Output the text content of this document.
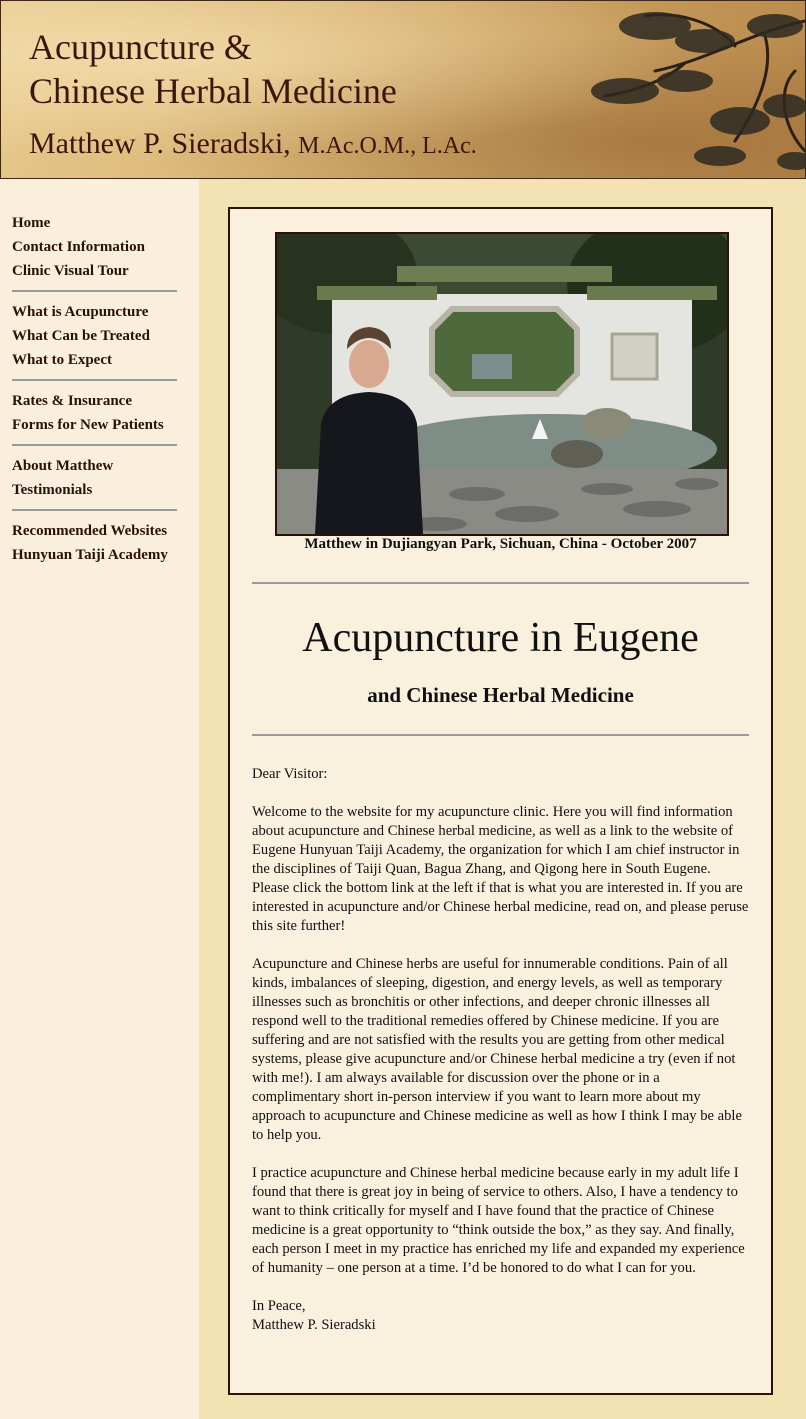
Acupuncture &
Chinese Herbal Medicine
Matthew P. Sieradski, M.Ac.O.M., L.Ac.
Home
Contact Information
Clinic Visual Tour
What is Acupuncture
What Can be Treated
What to Expect
Rates & Insurance
Forms for New Patients
About Matthew
Testimonials
Recommended Websites
Hunyuan Taiji Academy

Matthew in Dujiangyan Park, Sichuan, China - October 2007

Acupuncture in Eugene
and Chinese Herbal Medicine

Dear Visitor:

Welcome to the website for my acupuncture clinic. Here you will find information about acupuncture and Chinese herbal medicine, as well as a link to the website of Eugene Hunyuan Taiji Academy, the organization for which I am chief instructor in the disciplines of Taiji Quan, Bagua Zhang, and Qigong here in South Eugene. Please click the bottom link at the left if that is what you are interested in. If you are interested in acupuncture and/or Chinese herbal medicine, read on, and please peruse this site further!

Acupuncture and Chinese herbs are useful for innumerable conditions. Pain of all kinds, imbalances of sleeping, digestion, and energy levels, as well as temporary illnesses such as bronchitis or other infections, and deeper chronic illnesses all respond well to the traditional remedies offered by Chinese medicine. If you are suffering and are not satisfied with the results you are getting from other medical systems, please give acupuncture and/or Chinese herbal medicine a try (even if not with me!). I am always available for discussion over the phone or in a complimentary short in-person interview if you want to learn more about my approach to acupuncture and Chinese medicine as well as how I think I may be able to help you.

I practice acupuncture and Chinese herbal medicine because early in my adult life I found that there is great joy in being of service to others. Also, I have a tendency to want to think critically for myself and I have found that the practice of Chinese medicine is a great opportunity to “think outside the box,” as they say. And finally, each person I meet in my practice has enriched my life and expanded my experience of humanity – one person at a time. I’d be honored to do what I can for you.

In Peace,
Matthew P. Sieradski
